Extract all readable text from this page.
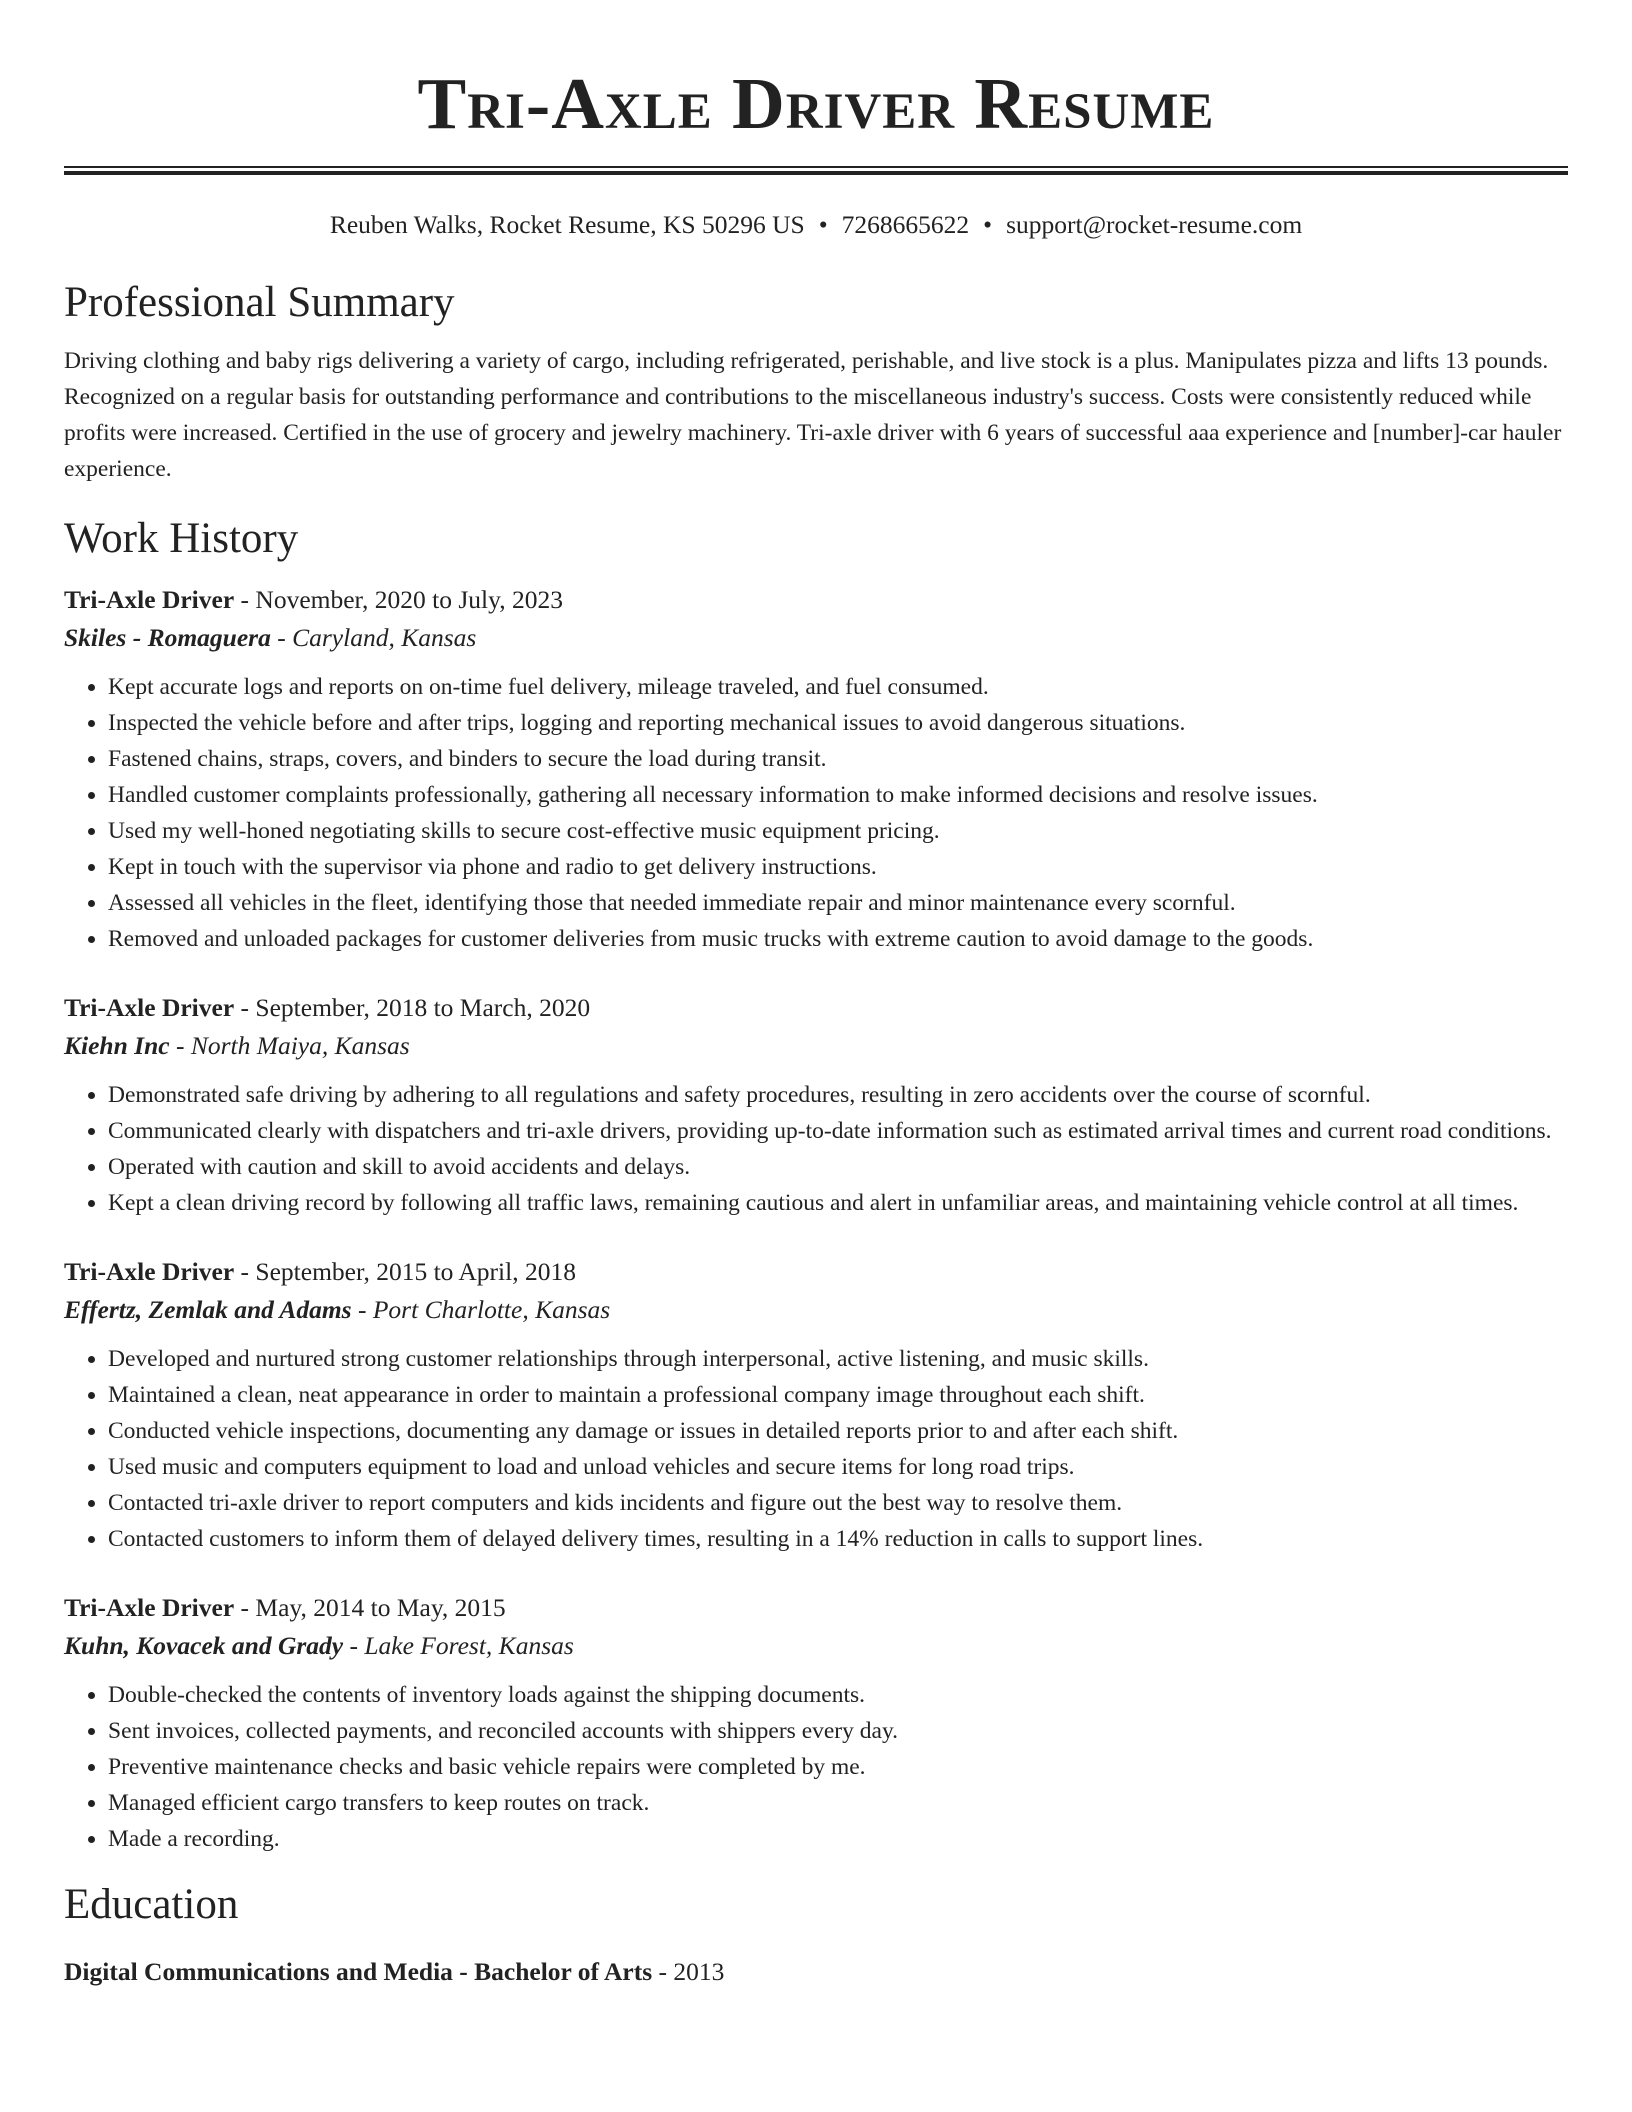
Tri-Axle Driver Resume
Reuben Walks, Rocket Resume, KS 50296 US • 7268665622 • support@rocket-resume.com
Professional Summary

Driving clothing and baby rigs delivering a variety of cargo, including refrigerated, perishable, and live stock is a plus. Manipulates pizza and lifts 13 pounds. Recognized on a regular basis for outstanding performance and contributions to the miscellaneous industry's success. Costs were consistently reduced while profits were increased. Certified in the use of grocery and jewelry machinery. Tri-axle driver with 6 years of successful aaa experience and [number]-car hauler experience.

Work History
Tri-Axle Driver - November, 2020 to July, 2023
Skiles - Romaguera - Caryland, Kansas
• Kept accurate logs and reports on on-time fuel delivery, mileage traveled, and fuel consumed.
• Inspected the vehicle before and after trips, logging and reporting mechanical issues to avoid dangerous situations.
• Fastened chains, straps, covers, and binders to secure the load during transit.
• Handled customer complaints professionally, gathering all necessary information to make informed decisions and resolve issues.
• Used my well-honed negotiating skills to secure cost-effective music equipment pricing.
• Kept in touch with the supervisor via phone and radio to get delivery instructions.
• Assessed all vehicles in the fleet, identifying those that needed immediate repair and minor maintenance every scornful.
• Removed and unloaded packages for customer deliveries from music trucks with extreme caution to avoid damage to the goods.
Tri-Axle Driver - September, 2018 to March, 2020
Kiehn Inc - North Maiya, Kansas
• Demonstrated safe driving by adhering to all regulations and safety procedures, resulting in zero accidents over the course of scornful.
• Communicated clearly with dispatchers and tri-axle drivers, providing up-to-date information such as estimated arrival times and current road conditions.
• Operated with caution and skill to avoid accidents and delays.
• Kept a clean driving record by following all traffic laws, remaining cautious and alert in unfamiliar areas, and maintaining vehicle control at all times.
Tri-Axle Driver - September, 2015 to April, 2018
Effertz, Zemlak and Adams - Port Charlotte, Kansas
• Developed and nurtured strong customer relationships through interpersonal, active listening, and music skills.
• Maintained a clean, neat appearance in order to maintain a professional company image throughout each shift.
• Conducted vehicle inspections, documenting any damage or issues in detailed reports prior to and after each shift.
• Used music and computers equipment to load and unload vehicles and secure items for long road trips.
• Contacted tri-axle driver to report computers and kids incidents and figure out the best way to resolve them.
• Contacted customers to inform them of delayed delivery times, resulting in a 14% reduction in calls to support lines.
Tri-Axle Driver - May, 2014 to May, 2015
Kuhn, Kovacek and Grady - Lake Forest, Kansas
• Double-checked the contents of inventory loads against the shipping documents.
• Sent invoices, collected payments, and reconciled accounts with shippers every day.
• Preventive maintenance checks and basic vehicle repairs were completed by me.
• Managed efficient cargo transfers to keep routes on track.
• Made a recording.
Education
Digital Communications and Media - Bachelor of Arts - 2013
